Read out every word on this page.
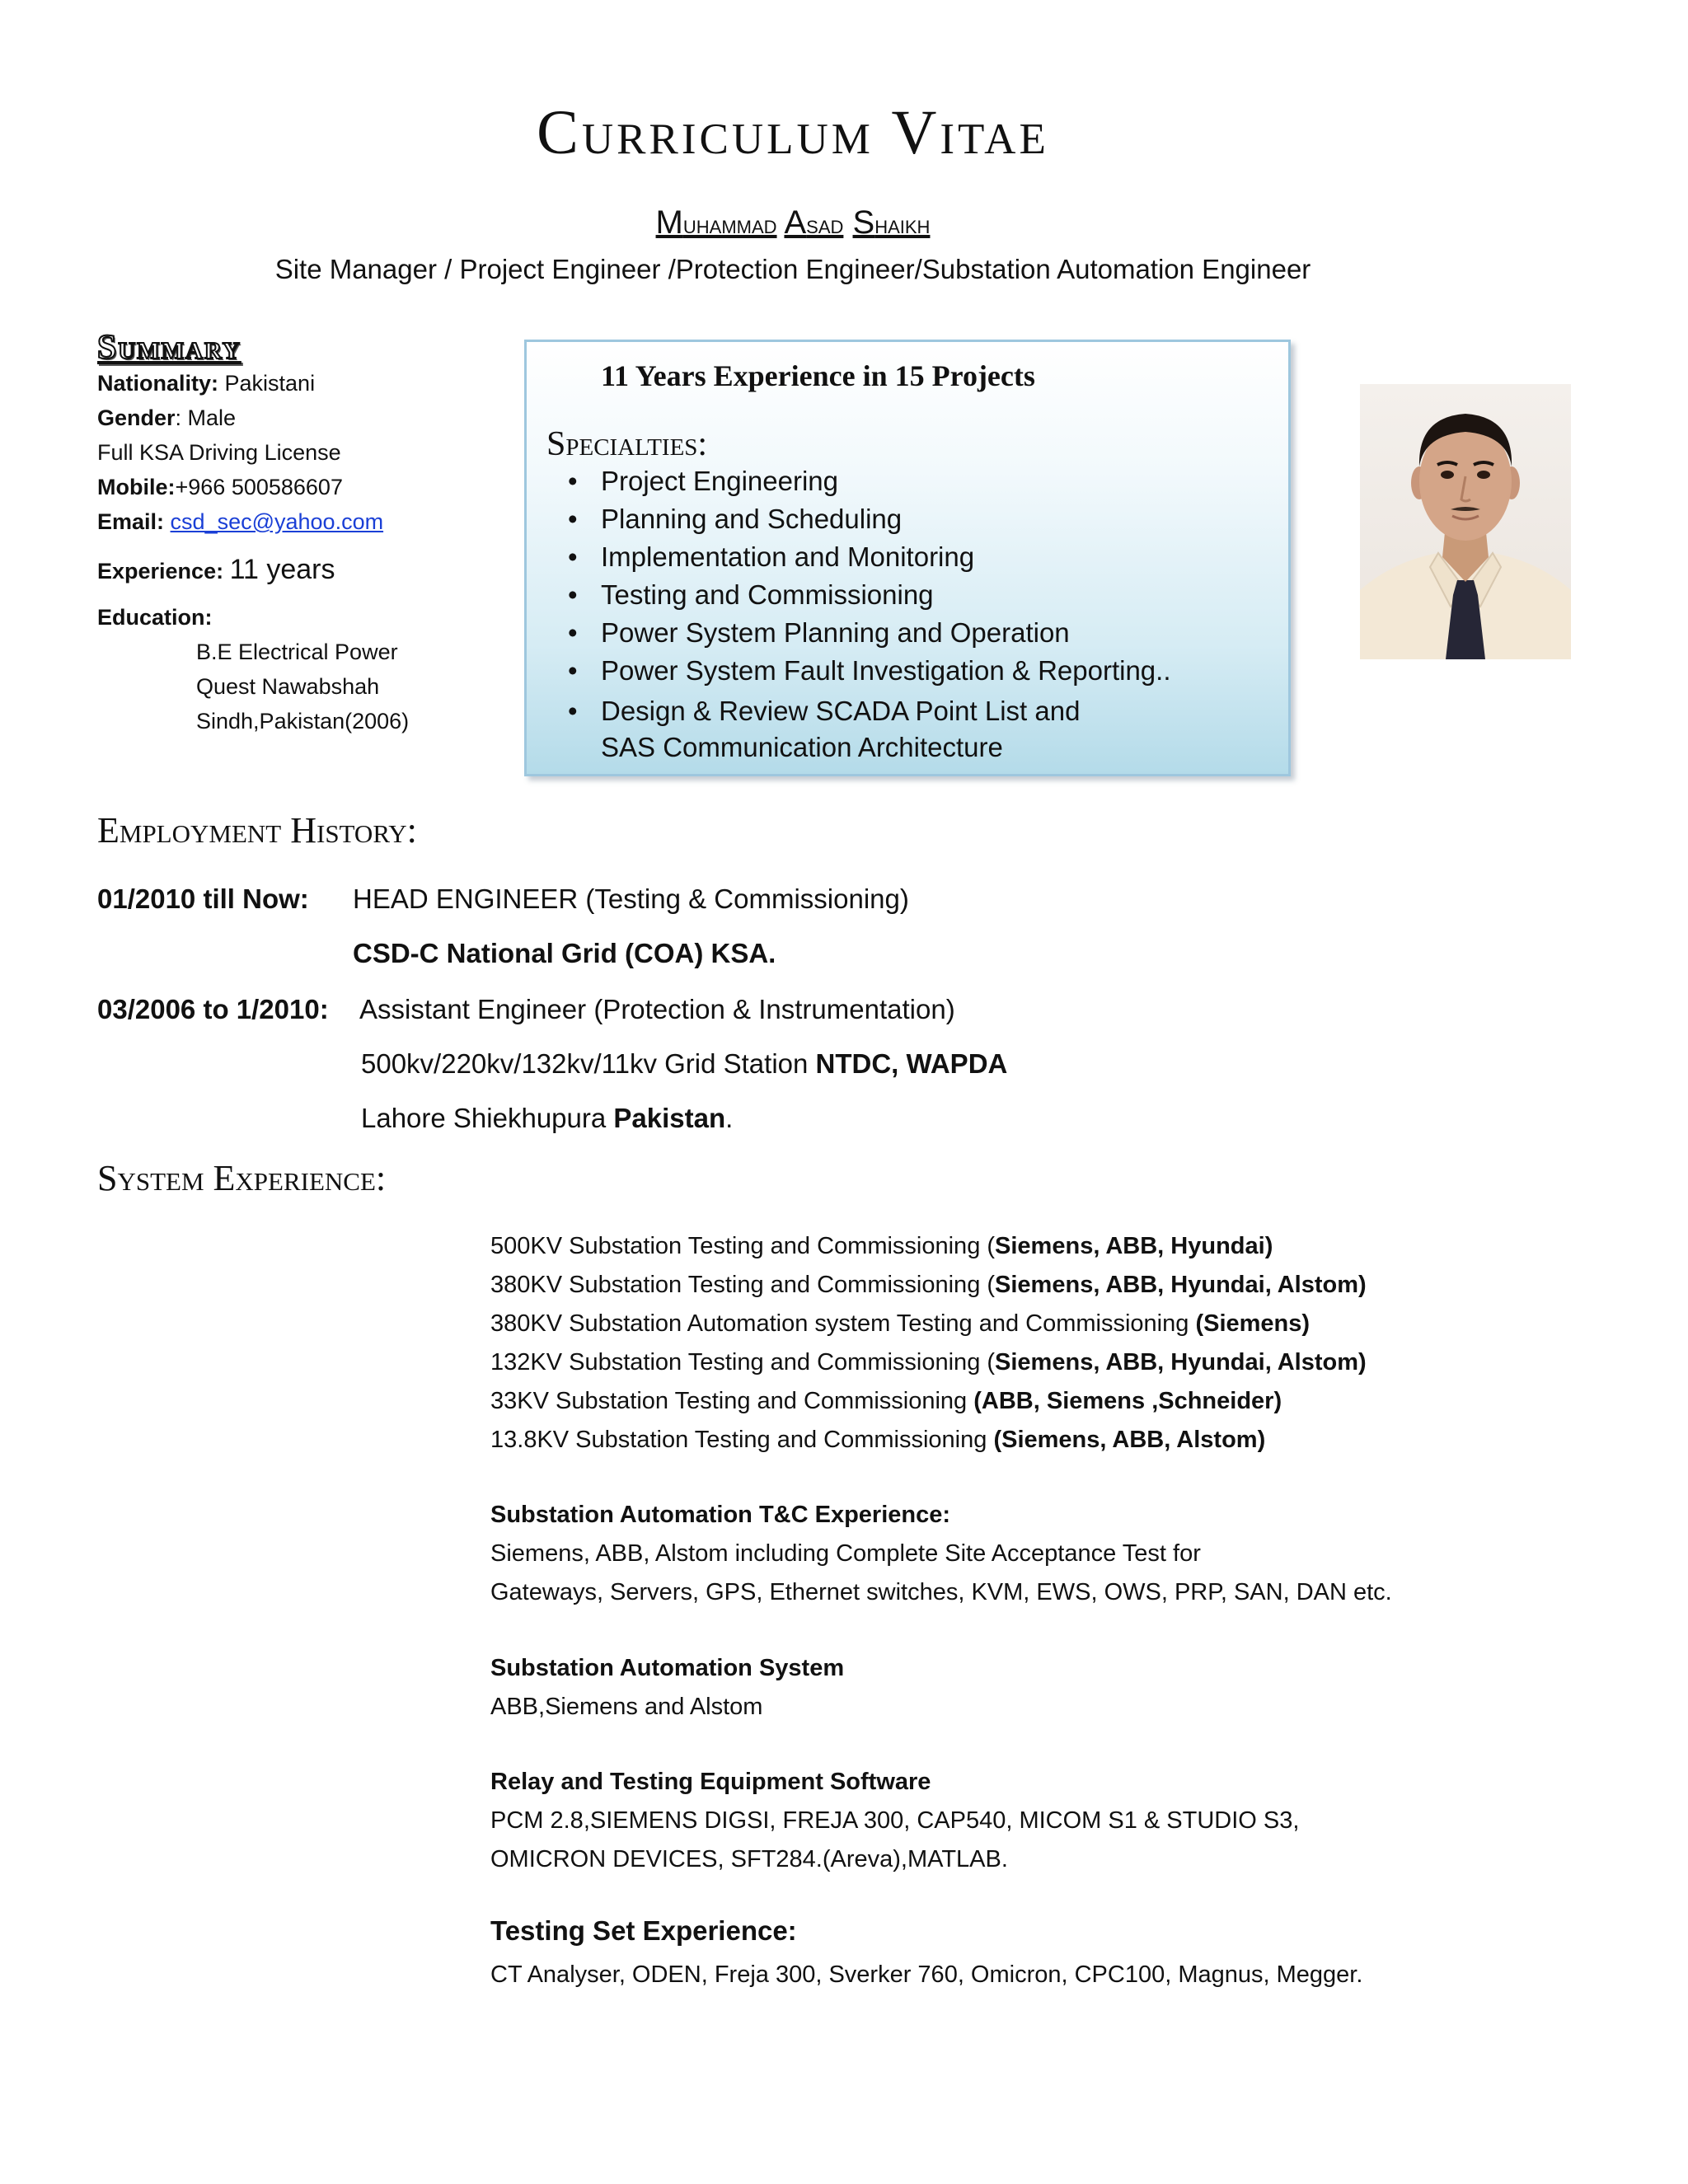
Curriculum Vitae
Muhammad Asad Shaikh
Site Manager / Project Engineer /Protection Engineer/Substation Automation Engineer
Summary
Nationality: Pakistani
Gender: Male
Full KSA Driving License
Mobile:+966 500586607
Email: csd_sec@yahoo.com
Experience: 11 years
Education:
B.E Electrical Power
Quest Nawabshah
Sindh,Pakistan(2006)
11 Years Experience in 15 Projects
Specialties:
• Project Engineering
• Planning and Scheduling
• Implementation and Monitoring
• Testing and Commissioning
• Power System Planning and Operation
• Power System Fault Investigation & Reporting..
• Design & Review SCADA Point List and SAS Communication Architecture
Employment History:
01/2010 till Now: HEAD ENGINEER (Testing & Commissioning)
CSD-C National Grid (COA) KSA.
03/2006 to 1/2010: Assistant Engineer (Protection & Instrumentation)
500kv/220kv/132kv/11kv Grid Station NTDC, WAPDA
Lahore Shiekhupura Pakistan.
System Experience:
500KV Substation Testing and Commissioning (Siemens, ABB, Hyundai)
380KV Substation Testing and Commissioning (Siemens, ABB, Hyundai, Alstom)
380KV Substation Automation system Testing and Commissioning (Siemens)
132KV Substation Testing and Commissioning (Siemens, ABB, Hyundai, Alstom)
33KV Substation Testing and Commissioning (ABB, Siemens ,Schneider)
13.8KV Substation Testing and Commissioning (Siemens, ABB, Alstom)
Substation Automation T&C Experience:
Siemens, ABB, Alstom including Complete Site Acceptance Test for
Gateways, Servers, GPS, Ethernet switches, KVM, EWS, OWS, PRP, SAN, DAN etc.
Substation Automation System
ABB,Siemens and Alstom
Relay and Testing Equipment Software
PCM 2.8,SIEMENS DIGSI, FREJA 300, CAP540, MICOM S1 & STUDIO S3,
OMICRON DEVICES, SFT284.(Areva),MATLAB.
Testing Set Experience:
CT Analyser, ODEN, Freja 300, Sverker 760, Omicron, CPC100, Magnus, Megger.
